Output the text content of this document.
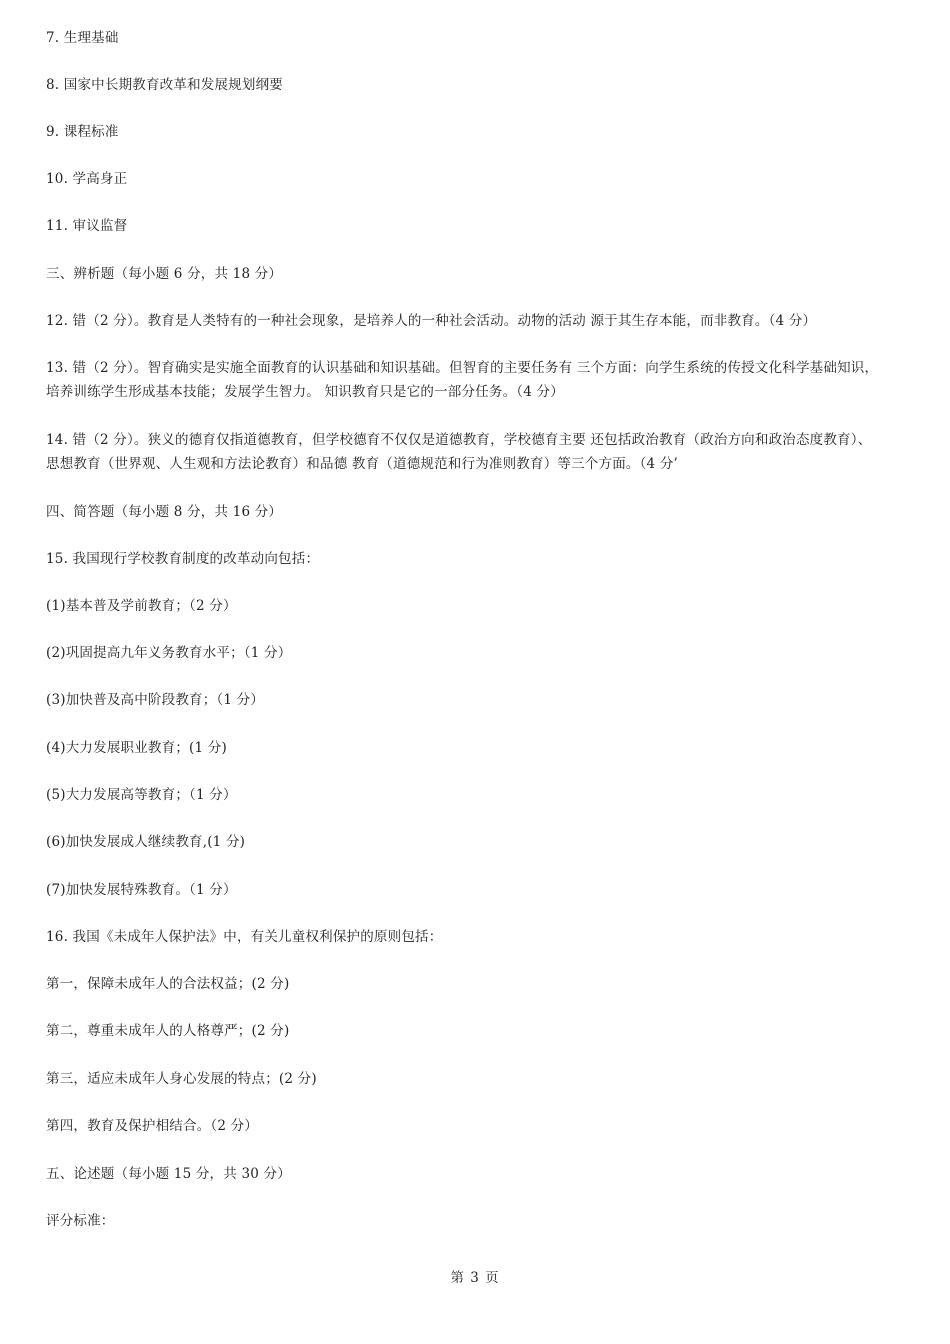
7. 生理基础
8. 国家中长期教育改革和发展规划纲要
9. 课程标准
10. 学高身正
11. 审议监督
三、辨析题（每小题 6 分，共 18 分）
12. 错（2 分）。教育是人类特有的一种社会现象，是培养人的一种社会活动。动物的活动 源于其生存本能，而非教育。（4 分）
13. 错（2 分）。智育确实是实施全面教育的认识基础和知识基础。但智育的主要任务有 三个方面：向学生系统的传授文化科学基础知识，
培养训练学生形成基本技能；发展学生智力。 知识教育只是它的一部分任务。（4 分）
14. 错（2 分）。狭义的德育仅指道德教育，但学校德育不仅仅是道德教育，学校德育主要 还包括政治教育（政治方向和政治态度教育）、
思想教育（世界观、人生观和方法论教育）和品德 教育（道德规范和行为准则教育）等三个方面。（4 分’
四、简答题（每小题 8 分，共 16 分）
15. 我国现行学校教育制度的改革动向包括：
(1)基本普及学前教育；（2 分）
(2)巩固提高九年义务教育水平；（1 分）
(3)加快普及高中阶段教育；（1 分）
(4)大力发展职业教育；(1 分)
(5)大力发展高等教育；（1 分）
(6)加快发展成人继续教育,(1 分)
(7)加快发展特殊教育。（1 分）
16. 我国《未成年人保护法》中，有关儿童权利保护的原则包括：
第一，保障未成年人的合法权益；(2 分)
第二，尊重未成年人的人格尊严；(2 分)
第三，适应未成年人身心发展的特点；(2 分)
第四，教育及保护相结合。（2 分）
五、论述题（每小题 15 分，共 30 分）
评分标准：
第 3 页
